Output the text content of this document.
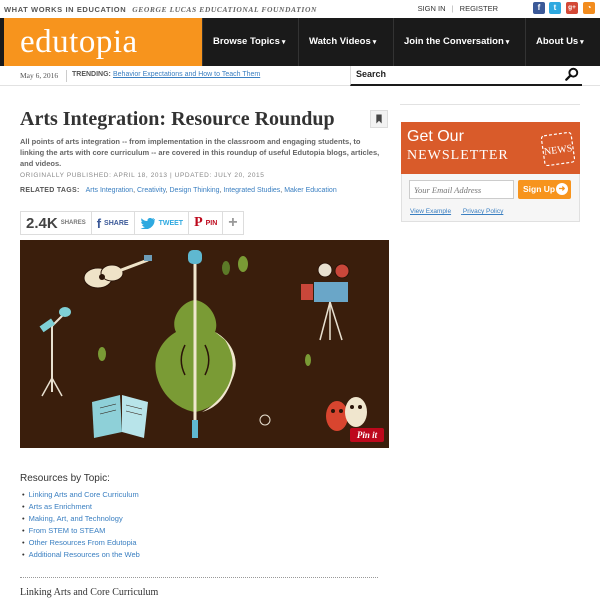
WHAT WORKS IN EDUCATION GEORGE LUCAS EDUCATIONAL FOUNDATION	SIGN IN | REGISTER	f	t	g+	◔
edutopia	Browse Topics ▾	Watch Videos ▾	Join the Conversation ▾	About Us ▾
May 6, 2016 TRENDING: Behavior Expectations and How to Teach Them	Search
Arts Integration: Resource Roundup

All points of arts integration -- from implementation in the classroom and engaging students, to linking the arts with core curriculum -- are covered in this roundup of useful Edutopia blogs, articles, and videos.

ORIGINALLY PUBLISHED: APRIL 18, 2013 | UPDATED: JULY 20, 2015
RELATED TAGS: Arts Integration, Creativity, Design Thinking, Integrated Studies, Maker Education
2.4K SHARES f SHARE	TWEET P PIN +
Pin it
Resources by Topic:
• Linking Arts and Core Curriculum
• Arts as Enrichment
• Making, Art, and Technology
• From STEM to STEAM
• Other Resources From Edutopia
• Additional Resources on the Web
Linking Arts and Core Curriculum
Get Our
NEWSLETTER	NEWS
Your Email Address	Sign Up ➜
View Example Privacy Policy
